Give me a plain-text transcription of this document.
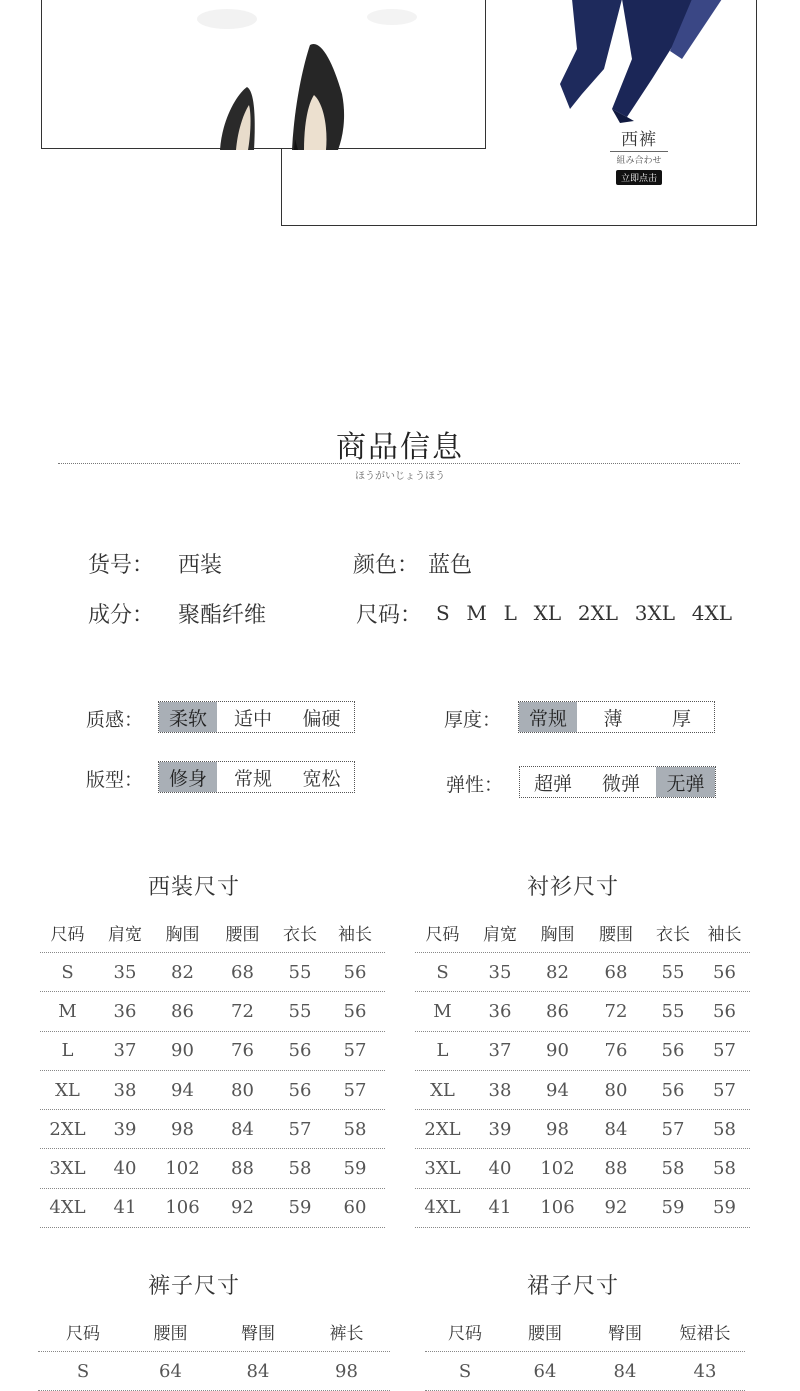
西裤
組み合わせ
立即点击
商品信息
ほうがいじょうほう
货号： 西装	颜色： 蓝色
成分： 聚酯纤维	尺码： S  M  L  XL  2XL  3XL  4XL
质感：	柔软	适中	偏硬	厚度：	常规	薄	厚
版型：	修身	常规	宽松	弹性：	超弹	微弹	无弹
西装尺寸
尺码	肩宽	胸围	腰围	衣长	袖长
S	35	82	68	55	56
M	36	86	72	55	56
L	37	90	76	56	57
XL	38	94	80	56	57
2XL	39	98	84	57	58
3XL	40	102	88	58	59
4XL	41	106	92	59	60
衬衫尺寸
尺码	肩宽	胸围	腰围	衣长	袖长
S	35	82	68	55	56
M	36	86	72	55	56
L	37	90	76	56	57
XL	38	94	80	56	57
2XL	39	98	84	57	58
3XL	40	102	88	58	58
4XL	41	106	92	59	59
裤子尺寸
尺码	腰围	臀围	裤长
S	64	84	98
裙子尺寸
尺码	腰围	臀围	短裙长
S	64	84	43
